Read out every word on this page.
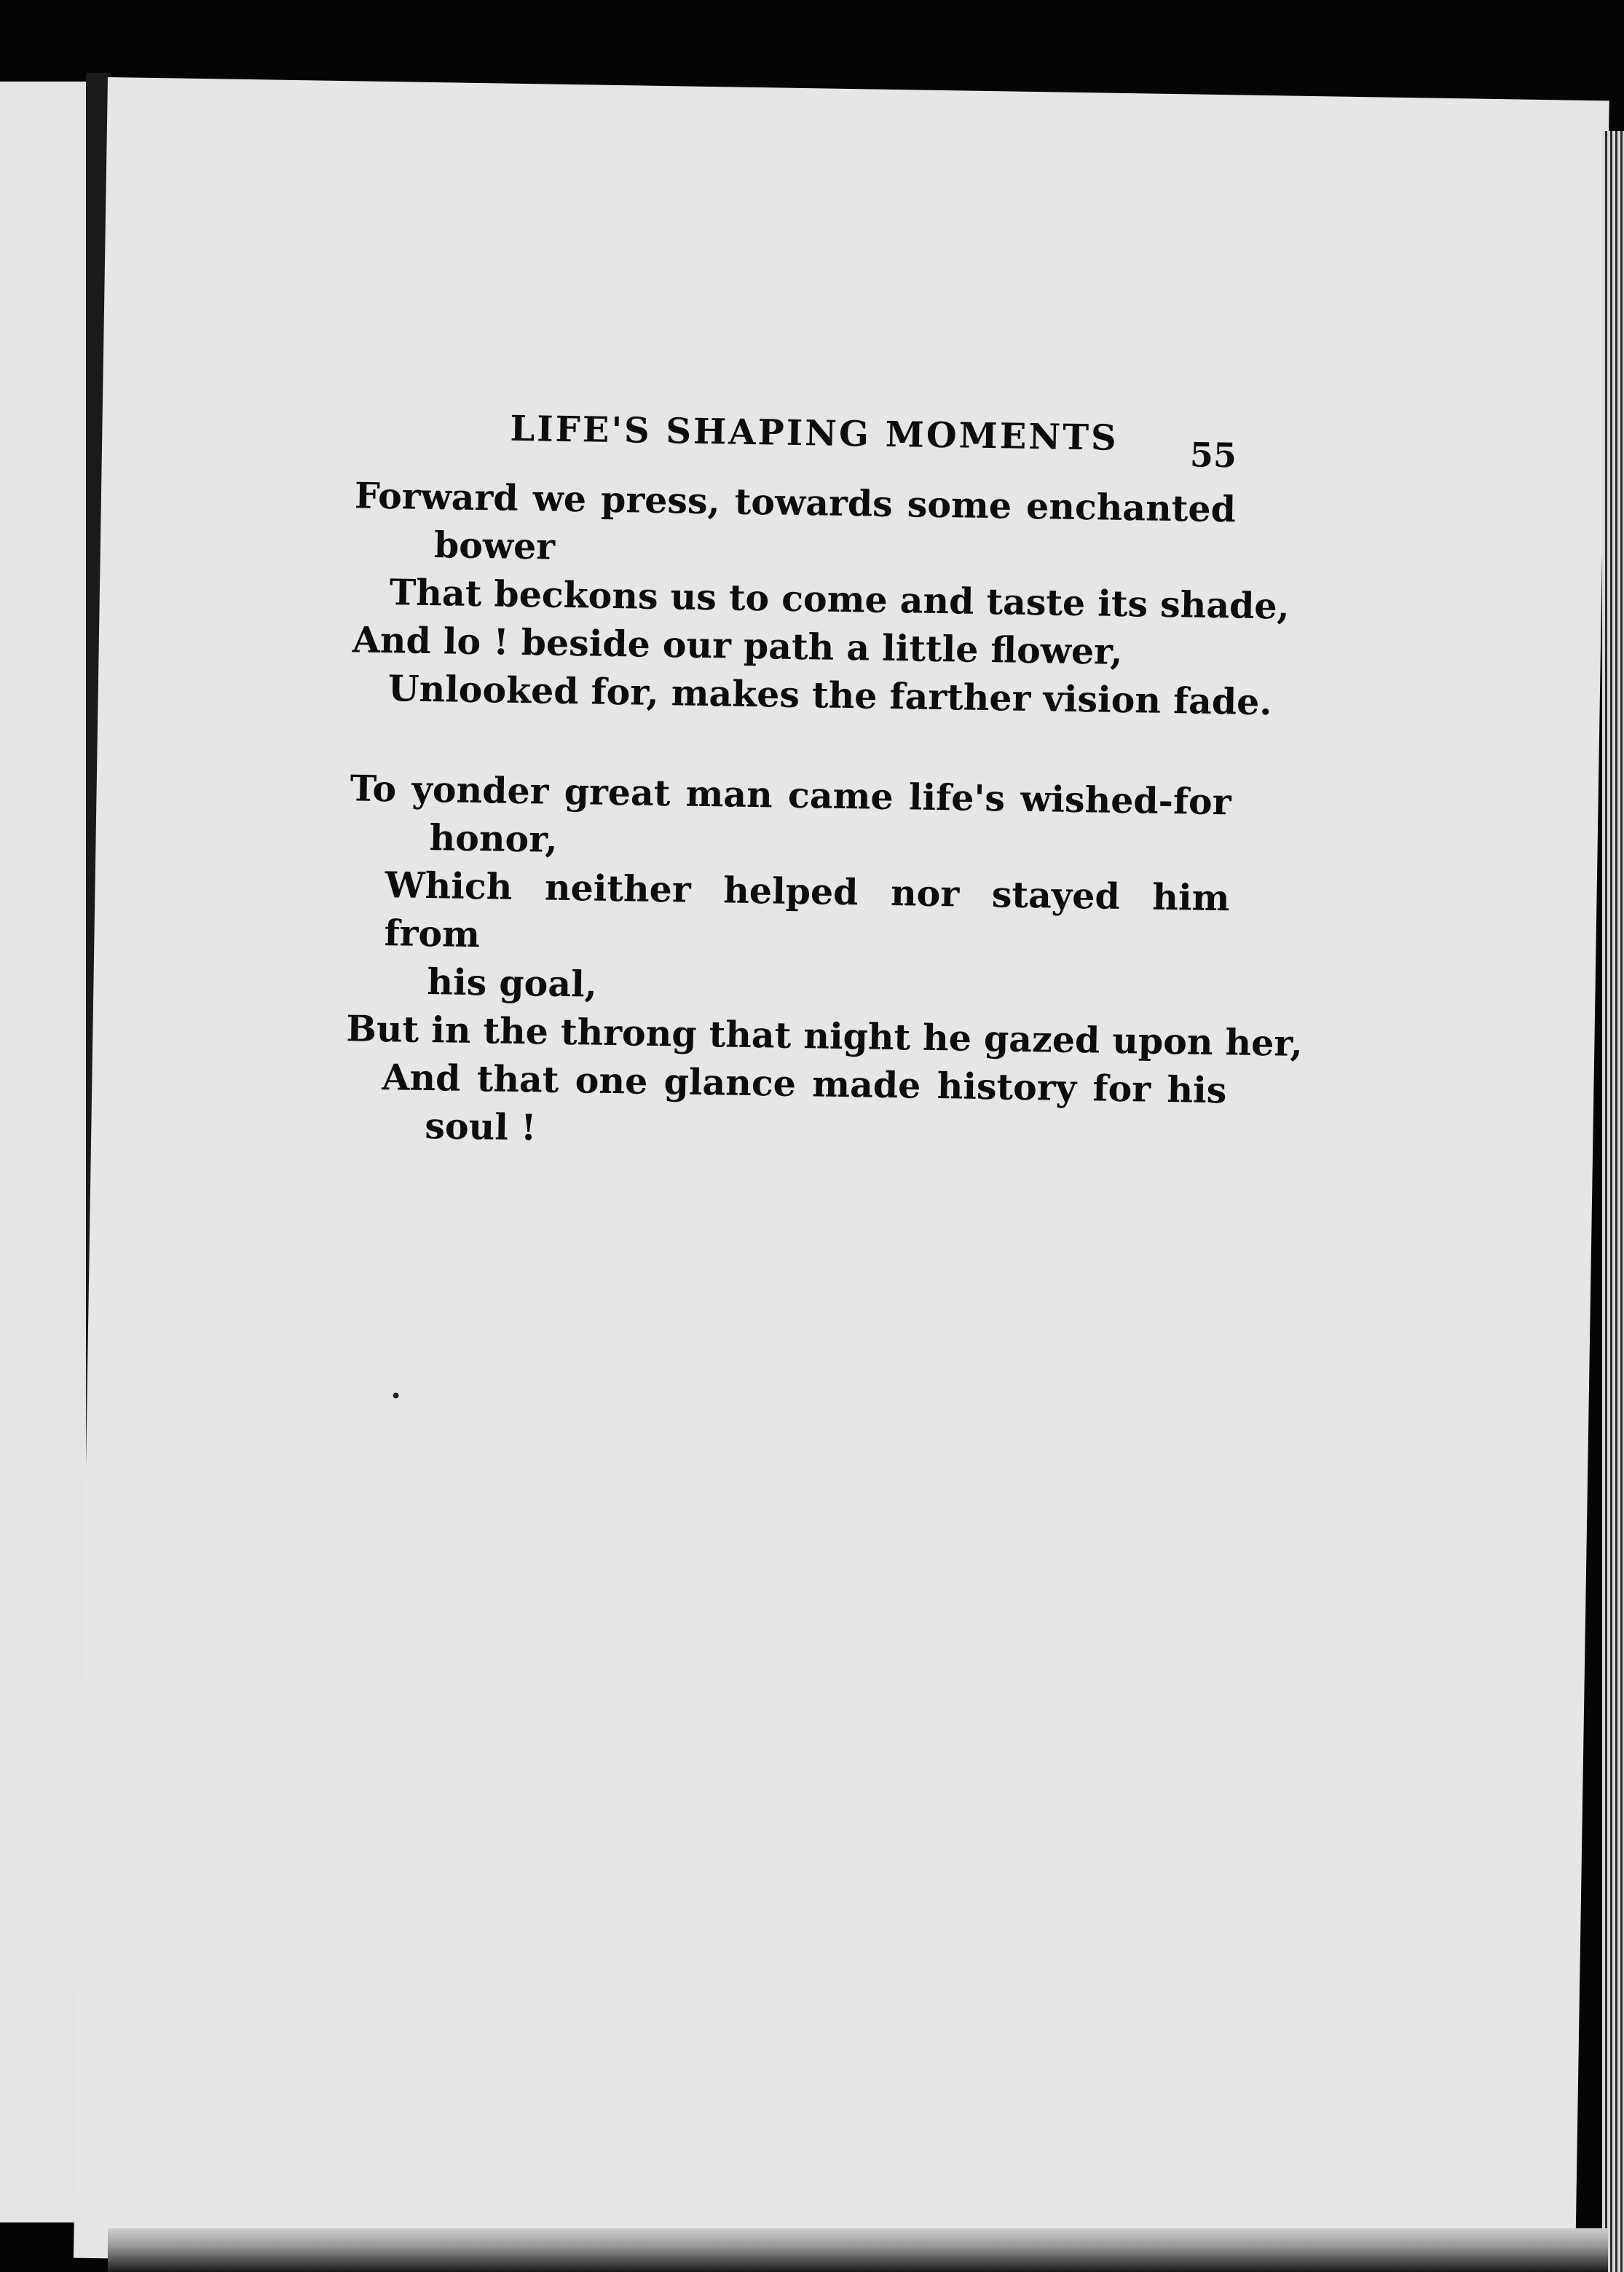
LIFE'S SHAPING MOMENTS 55
Forward we press, towards some enchanted
bower
That beckons us to come and taste its shade,
And lo ! beside our path a little flower,
Unlooked for, makes the farther vision fade.
To yonder great man came life's wished-for
honor,
Which neither helped nor stayed him from
his goal,
But in the throng that night he gazed upon her,
And that one glance made history for his
soul !
